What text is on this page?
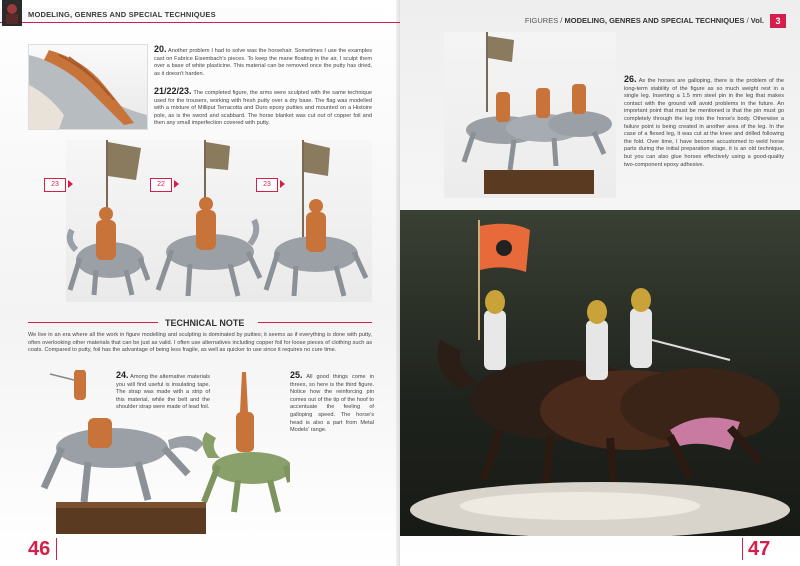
MODELING, GENRES AND SPECIAL TECHNIQUES
20. Another problem I had to solve was the horsehair. Sometimes I use the examples cast on Fabrice Eisembach's pieces. To keep the mane floating in the air, I sculpt them over a base of white plasticine. This material can be removed once the putty has dried, as it doesn't harden.
21/22/23. The completed figure, the arms were sculpted with the same technique used for the trousers, working with fresh putty over a dry base. The flag was modelled with a mixture of Milliput Terracotta and Duro epoxy putties and mounted on a Histoire pole, as is the sword and scabbard. The horse blanket was cut out of copper foil and then any small imperfection covered with putty.
23	22	23
TECHNICAL NOTE
We live in an era where all the work in figure modelling and sculpting is dominated by putties; it seems as if everything is done with putty, often overlooking other materials that can be just as valid. I often use alternatives including copper foil for loose pieces of clothing such as coats. Compared to putty, foil has the advantage of being less fragile, as well as quicker to use since it requires no cure time.
24. Among the alternative materials you will find useful is insulating tape. The strap was made with a strip of this material, while the belt and the shoulder strap were made of lead foil.
25. All good things come in threes, so here is the third figure. Notice how the reinforcing pin comes out of the tip of the hoof to accentuate the feeling of galloping speed. The horse's head is also a part from Metal Models' range.
46
FIGURES / MODELING, GENRES AND SPECIAL TECHNIQUES / Vol.	3
26. As the horses are galloping, there is the problem of the long-term stability of the figure as so much weight rest in a single leg. Inserting a 1.5 mm steel pin in the leg that makes contact with the ground will avoid problems in the future. An important point that must be mentioned is that the pin must go completely through the leg into the horse's body. Otherwise a failure point is being created in another area of the leg. In the case of a flexed leg, it was cut at the knee and drilled following the fold. Over time, I have become accustomed to weld horse parts during the initial preparation stage, it is an old technique, but you can also glue horses effectively using a good-quality two-component epoxy adhesive.
47
